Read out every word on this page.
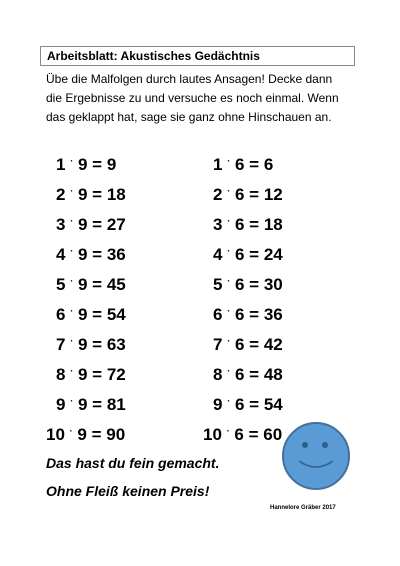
Arbeitsblatt: Akustisches Gedächtnis
Übe die Malfolgen durch lautes Ansagen! Decke dann
die Ergebnisse zu und versuche es noch einmal. Wenn
das geklappt hat, sage sie ganz ohne Hinschauen an.
1 · 9 = 9
2 · 9 = 18
3 · 9 = 27
4 · 9 = 36
5 · 9 = 45
6 · 9 = 54
7 · 9 = 63
8 · 9 = 72
9 · 9 = 81
10 · 9 = 90
1 · 6 = 6
2 · 6 = 12
3 · 6 = 18
4 · 6 = 24
5 · 6 = 30
6 · 6 = 36
7 · 6 = 42
8 · 6 = 48
9 · 6 = 54
10 · 6 = 60
Das hast du fein gemacht.
Ohne Fleiß keinen Preis!
Hannelore Gräber 2017
